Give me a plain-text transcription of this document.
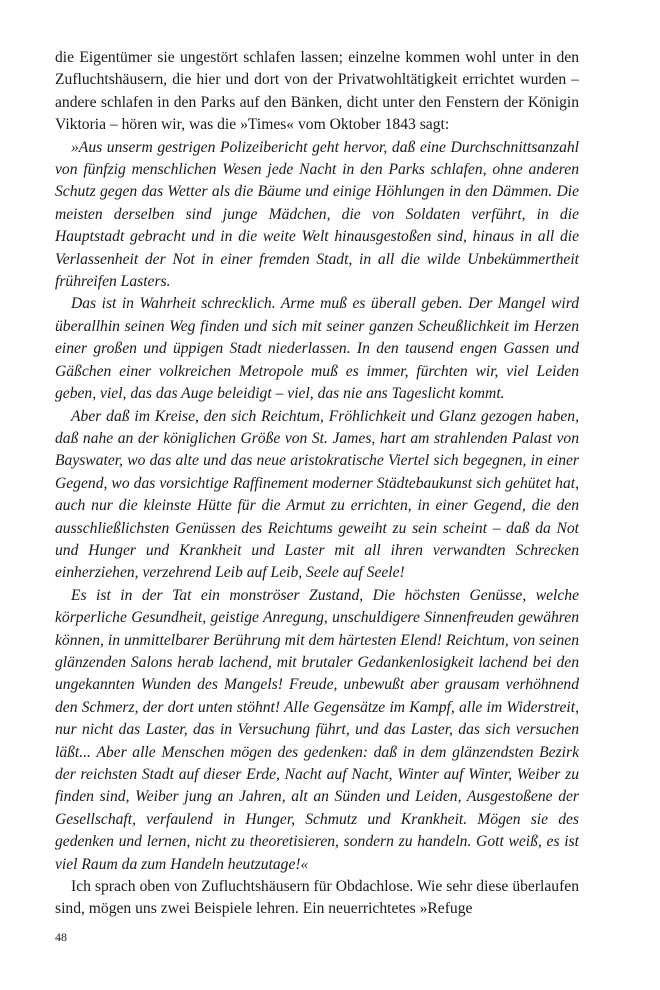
die Eigentümer sie ungestört schlafen lassen; einzelne kommen wohl unter in den Zufluchtshäusern, die hier und dort von der Privatwohltätigkeit errichtet wurden – andere schlafen in den Parks auf den Bänken, dicht unter den Fenstern der Königin Viktoria – hören wir, was die »Times« vom Oktober 1843 sagt:

»Aus unserm gestrigen Polizeibericht geht hervor, daß eine Durchschnittsanzahl von fünfzig menschlichen Wesen jede Nacht in den Parks schlafen, ohne anderen Schutz gegen das Wetter als die Bäume und einige Höhlungen in den Dämmen. Die meisten derselben sind junge Mädchen, die von Soldaten verführt, in die Hauptstadt gebracht und in die weite Welt hinausgestoßen sind, hinaus in all die Verlassenheit der Not in einer fremden Stadt, in all die wilde Unbekümmertheit frühreifen Lasters.

Das ist in Wahrheit schrecklich. Arme muß es überall geben. Der Mangel wird überallhin seinen Weg finden und sich mit seiner ganzen Scheußlichkeit im Herzen einer großen und üppigen Stadt niederlassen. In den tausend engen Gassen und Gäßchen einer volkreichen Metropole muß es immer, fürchten wir, viel Leiden geben, viel, das das Auge beleidigt – viel, das nie ans Tageslicht kommt.

Aber daß im Kreise, den sich Reichtum, Fröhlichkeit und Glanz gezogen haben, daß nahe an der königlichen Größe von St. James, hart am strahlenden Palast von Bayswater, wo das alte und das neue aristokratische Viertel sich begegnen, in einer Gegend, wo das vorsichtige Raffinement moderner Städtebaukunst sich gehütet hat, auch nur die kleinste Hütte für die Armut zu errichten, in einer Gegend, die den ausschließlichsten Genüssen des Reichtums geweiht zu sein scheint – daß da Not und Hunger und Krankheit und Laster mit all ihren verwandten Schrecken einherziehen, verzehrend Leib auf Leib, Seele auf Seele!

Es ist in der Tat ein monströser Zustand, Die höchsten Genüsse, welche körperliche Gesundheit, geistige Anregung, unschuldigere Sinnenfreuden gewähren können, in unmittelbarer Berührung mit dem härtesten Elend! Reichtum, von seinen glänzenden Salons herab lachend, mit brutaler Gedankenlosigkeit lachend bei den ungekannten Wunden des Mangels! Freude, unbewußt aber grausam verhöhnend den Schmerz, der dort unten stöhnt! Alle Gegensätze im Kampf, alle im Widerstreit, nur nicht das Laster, das in Versuchung führt, und das Laster, das sich versuchen läßt... Aber alle Menschen mögen des gedenken: daß in dem glänzendsten Bezirk der reichsten Stadt auf dieser Erde, Nacht auf Nacht, Winter auf Winter, Weiber zu finden sind, Weiber jung an Jahren, alt an Sünden und Leiden, Ausgestoßene der Gesellschaft, verfaulend in Hunger, Schmutz und Krankheit. Mögen sie des gedenken und lernen, nicht zu theoretisieren, sondern zu handeln. Gott weiß, es ist viel Raum da zum Handeln heutzutage!«

Ich sprach oben von Zufluchtshäusern für Obdachlose. Wie sehr diese überlaufen sind, mögen uns zwei Beispiele lehren. Ein neuerrichtetes »Refuge

48
